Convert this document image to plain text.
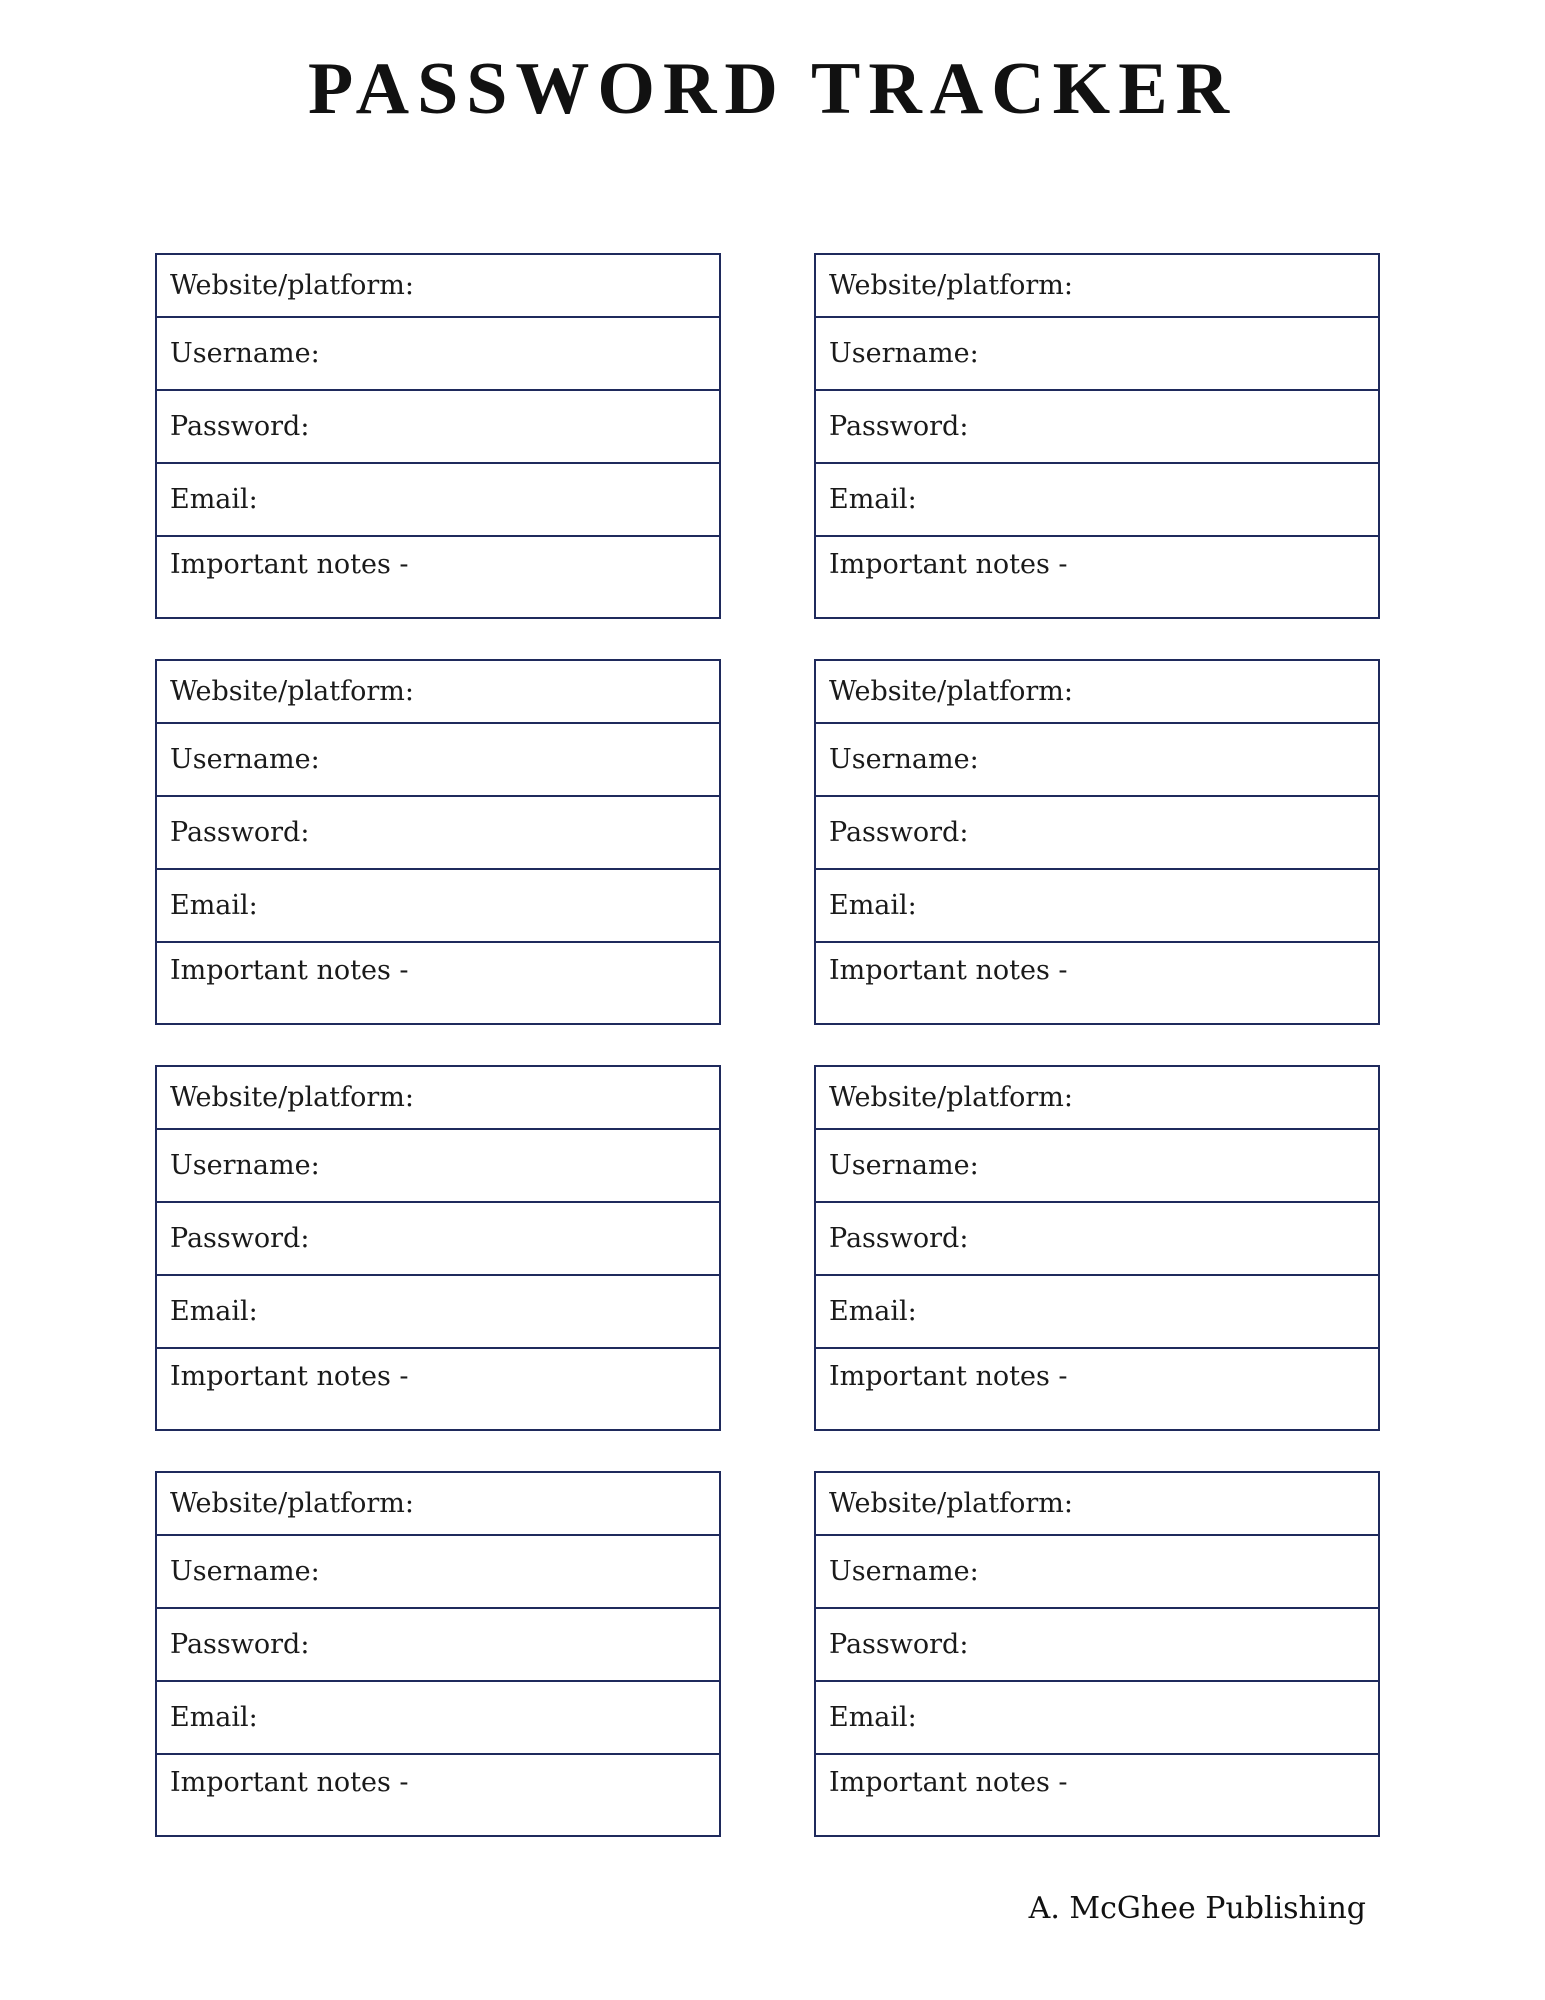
PASSWORD TRACKER
Website/platform:
Username:
Password:
Email:
Important notes -
Website/platform:
Username:
Password:
Email:
Important notes -
Website/platform:
Username:
Password:
Email:
Important notes -
Website/platform:
Username:
Password:
Email:
Important notes -
Website/platform:
Username:
Password:
Email:
Important notes -
Website/platform:
Username:
Password:
Email:
Important notes -
Website/platform:
Username:
Password:
Email:
Important notes -
Website/platform:
Username:
Password:
Email:
Important notes -
A. McGhee Publishing
